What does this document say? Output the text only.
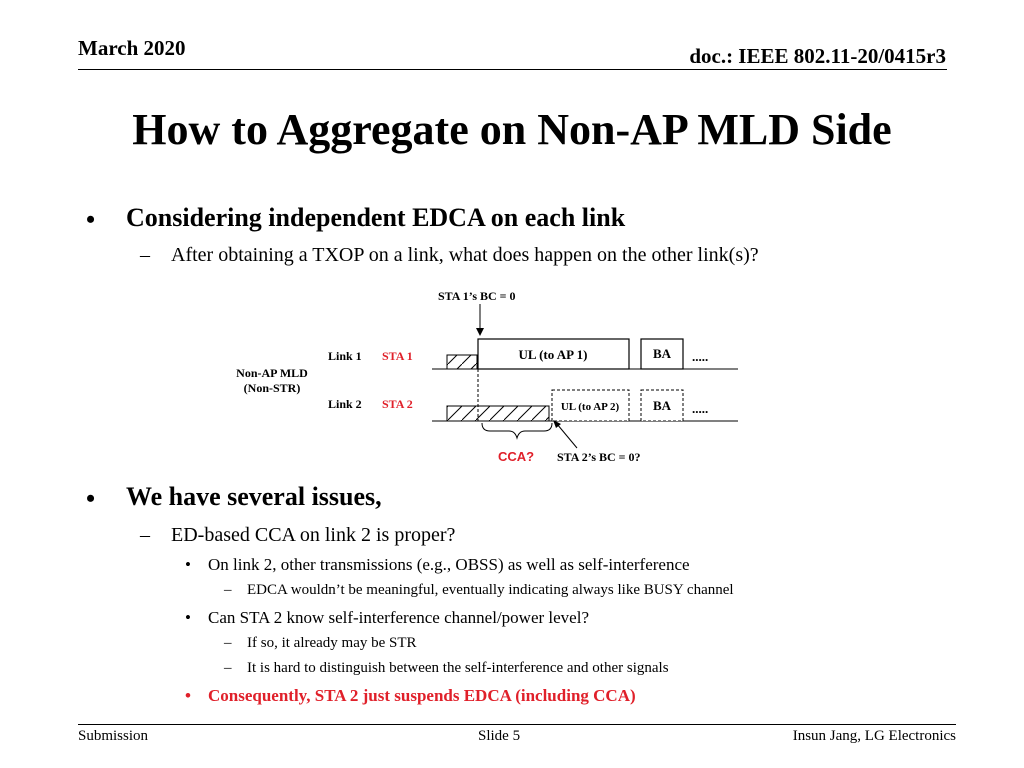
March 2020	doc.: IEEE 802.11-20/0415r3
How to Aggregate on Non-AP MLD Side
• Considering independent EDCA on each link
– After obtaining a TXOP on a link, what does happen on the other link(s)?
STA 1’s BC = 0
Non-AP MLD
(Non-STR)
Link 1
Link 2
STA 1
STA 2
UL (to AP 1)	BA .....
UL (to AP 2)	BA .....
CCA? STA 2’s BC = 0?
• We have several issues,
– ED-based CCA on link 2 is proper?
• On link 2, other transmissions (e.g., OBSS) as well as self-interference
– EDCA wouldn’t be meaningful, eventually indicating always like BUSY channel
• Can STA 2 know self-interference channel/power level?
– If so, it already may be STR
– It is hard to distinguish between the self-interference and other signals
• Consequently, STA 2 just suspends EDCA (including CCA)
Submission	Slide 5	Insun Jang, LG Electronics
